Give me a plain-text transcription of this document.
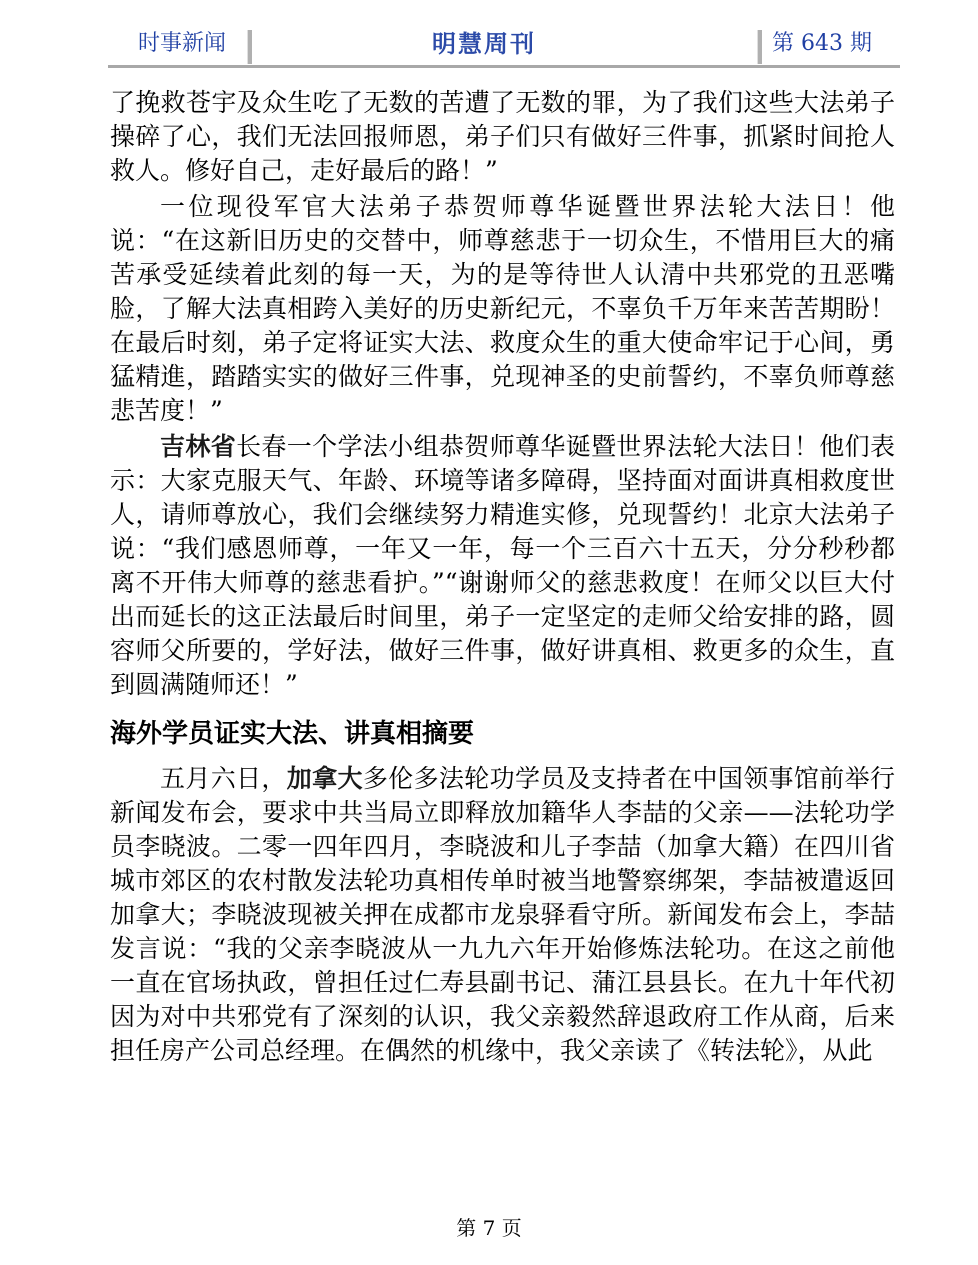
时事新闻	明慧周刊	第 643 期

了挽救苍宇及众生吃了无数的苦遭了无数的罪，为了我们这些大法弟子操碎了心，我们无法回报师恩，弟子们只有做好三件事，抓紧时间抢人救人。修好自己，走好最后的路！”

一位现役军官大法弟子恭贺师尊华诞暨世界法轮大法日！他说：“在这新旧历史的交替中，师尊慈悲于一切众生，不惜用巨大的痛苦承受延续着此刻的每一天，为的是等待世人认清中共邪党的丑恶嘴脸，了解大法真相跨入美好的历史新纪元，不辜负千万年来苦苦期盼！在最后时刻，弟子定将证实大法、救度众生的重大使命牢记于心间，勇猛精進，踏踏实实的做好三件事，兑现神圣的史前誓约，不辜负师尊慈悲苦度！”

吉林省长春一个学法小组恭贺师尊华诞暨世界法轮大法日！他们表示：大家克服天气、年龄、环境等诸多障碍，坚持面对面讲真相救度世人，请师尊放心，我们会继续努力精進实修，兑现誓约！北京大法弟子说：“我们感恩师尊，一年又一年，每一个三百六十五天，分分秒秒都离不开伟大师尊的慈悲看护。”“谢谢师父的慈悲救度！在师父以巨大付出而延长的这正法最后时间里，弟子一定坚定的走师父给安排的路，圆容师父所要的，学好法，做好三件事，做好讲真相、救更多的众生，直到圆满随师还！”

海外学员证实大法、讲真相摘要

五月六日，加拿大多伦多法轮功学员及支持者在中国领事馆前举行新闻发布会，要求中共当局立即释放加籍华人李喆的父亲——法轮功学员李晓波。二零一四年四月，李晓波和儿子李喆（加拿大籍）在四川省城市郊区的农村散发法轮功真相传单时被当地警察绑架，李喆被遣返回加拿大；李晓波现被关押在成都市龙泉驿看守所。新闻发布会上，李喆发言说：“我的父亲李晓波从一九九六年开始修炼法轮功。在这之前他一直在官场执政，曾担任过仁寿县副书记、蒲江县县长。在九十年代初因为对中共邪党有了深刻的认识，我父亲毅然辞退政府工作从商，后来担任房产公司总经理。在偶然的机缘中，我父亲读了《转法轮》，从此

第 7 页
